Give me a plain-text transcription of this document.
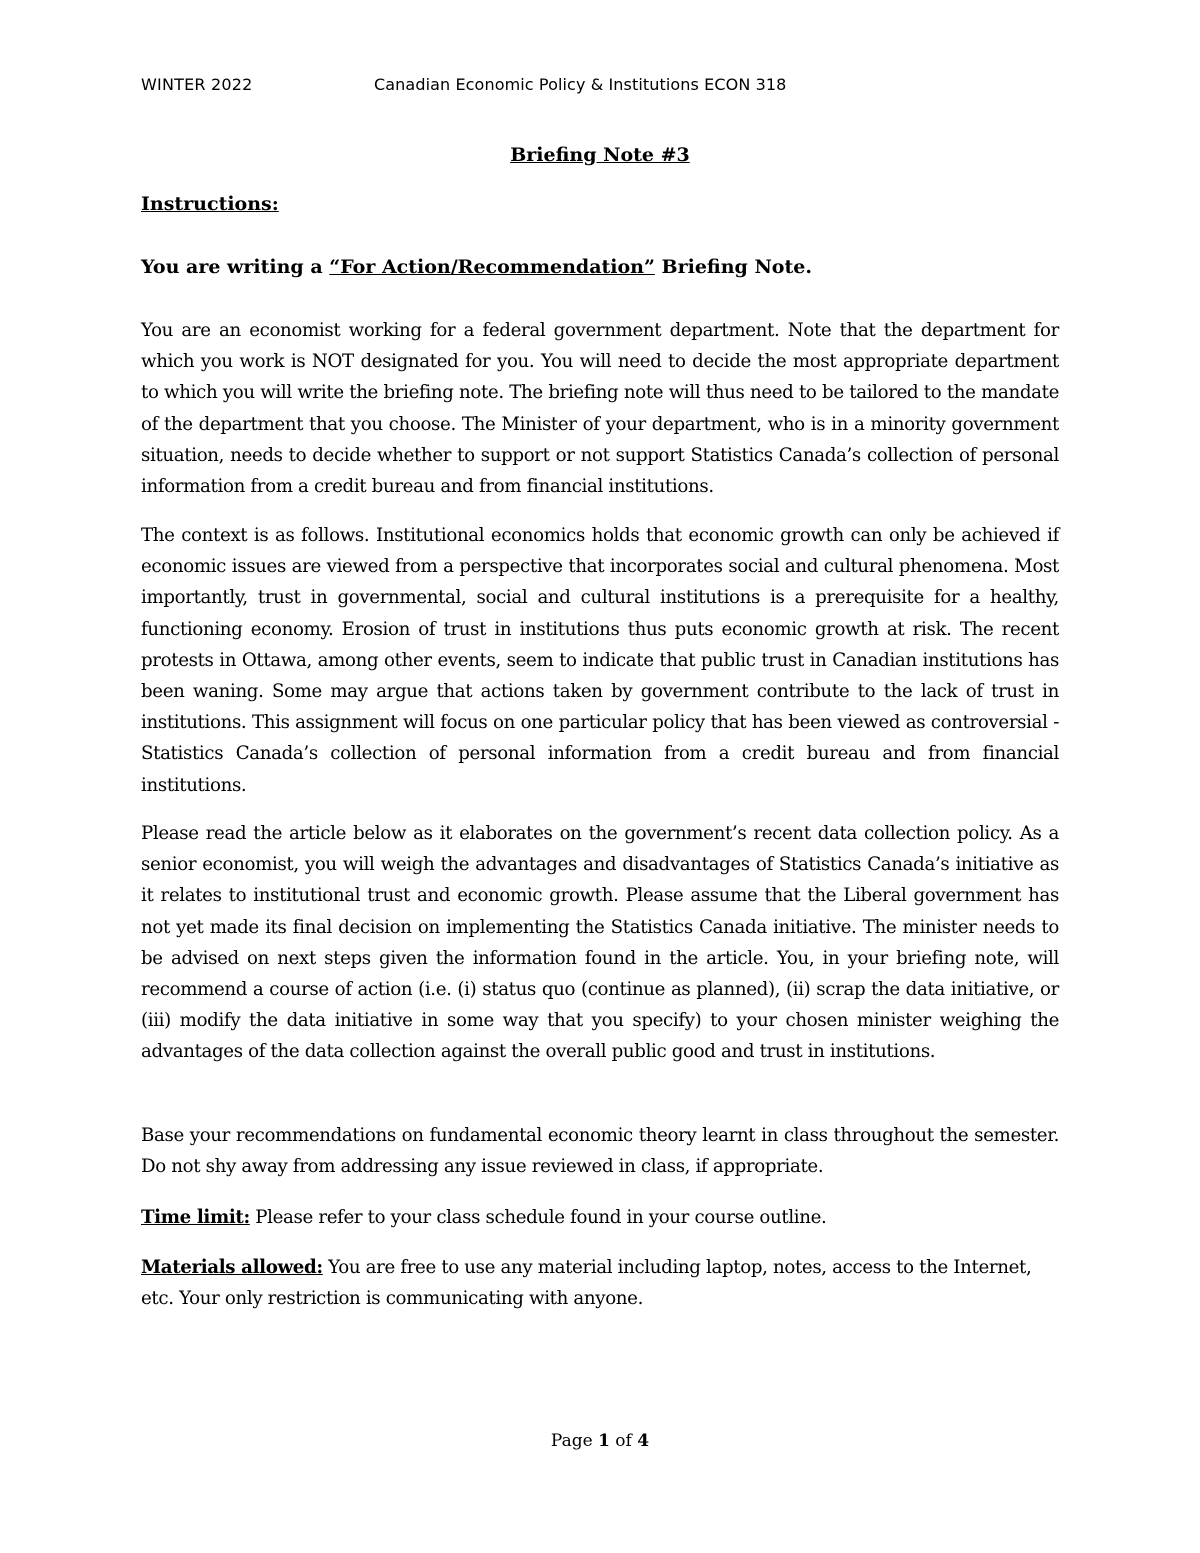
WINTER 2022	Canadian Economic Policy & Institutions ECON 318
Briefing Note #3
Instructions:
You are writing a “For Action/Recommendation” Briefing Note.

You are an economist working for a federal government department. Note that the department for which you work is NOT designated for you. You will need to decide the most appropriate department to which you will write the briefing note. The briefing note will thus need to be tailored to the mandate of the department that you choose. The Minister of your department, who is in a minority government situation, needs to decide whether to support or not support Statistics Canada’s collection of personal information from a credit bureau and from financial institutions.

The context is as follows. Institutional economics holds that economic growth can only be achieved if economic issues are viewed from a perspective that incorporates social and cultural phenomena. Most importantly, trust in governmental, social and cultural institutions is a prerequisite for a healthy, functioning economy. Erosion of trust in institutions thus puts economic growth at risk. The recent protests in Ottawa, among other events, seem to indicate that public trust in Canadian institutions has been waning. Some may argue that actions taken by government contribute to the lack of trust in institutions. This assignment will focus on one particular policy that has been viewed as controversial - Statistics Canada’s collection of personal information from a credit bureau and from financial institutions.

Please read the article below as it elaborates on the government’s recent data collection policy. As a senior economist, you will weigh the advantages and disadvantages of Statistics Canada’s initiative as it relates to institutional trust and economic growth. Please assume that the Liberal government has not yet made its final decision on implementing the Statistics Canada initiative. The minister needs to be advised on next steps given the information found in the article. You, in your briefing note, will recommend a course of action (i.e. (i) status quo (continue as planned), (ii) scrap the data initiative, or (iii) modify the data initiative in some way that you specify) to your chosen minister weighing the advantages of the data collection against the overall public good and trust in institutions.

Base your recommendations on fundamental economic theory learnt in class throughout the semester. Do not shy away from addressing any issue reviewed in class, if appropriate.

Time limit: Please refer to your class schedule found in your course outline.

Materials allowed: You are free to use any material including laptop, notes, access to the Internet, etc. Your only restriction is communicating with anyone.

Page 1 of 4
